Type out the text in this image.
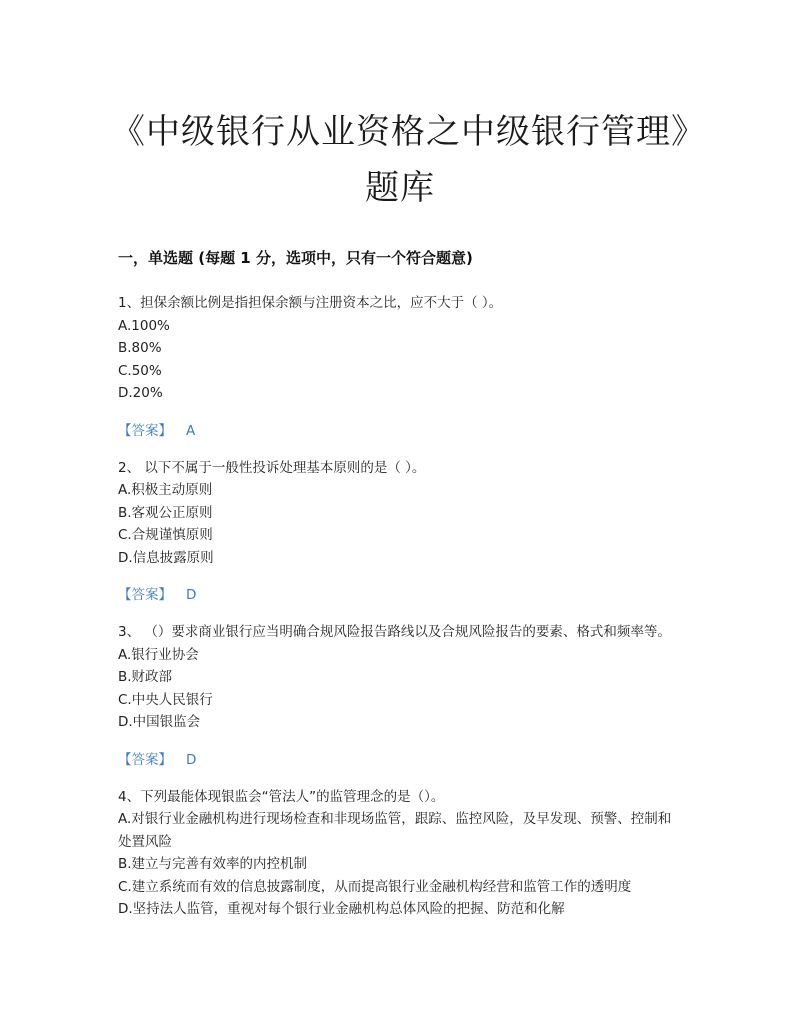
《中级银行从业资格之中级银行管理》题库
一，单选题 (每题 1 分，选项中，只有一个符合题意)
1、担保余额比例是指担保余额与注册资本之比，应不大于（ ）。
A.100%
B.80%
C.50%
D.20%
【答案】 A
2、 以下不属于一般性投诉处理基本原则的是（ ）。
A.积极主动原则
B.客观公正原则
C.合规谨慎原则
D.信息披露原则
【答案】 D
3、 （）要求商业银行应当明确合规风险报告路线以及合规风险报告的要素、格式和频率等。
A.银行业协会
B.财政部
C.中央人民银行
D.中国银监会
【答案】 D
4、下列最能体现银监会“管法人”的监管理念的是（）。
A.对银行业金融机构进行现场检查和非现场监管，跟踪、监控风险，及早发现、预警、控制和处置风险
B.建立与完善有效率的内控机制
C.建立系统而有效的信息披露制度，从而提高银行业金融机构经营和监管工作的透明度
D.坚持法人监管，重视对每个银行业金融机构总体风险的把握、防范和化解
